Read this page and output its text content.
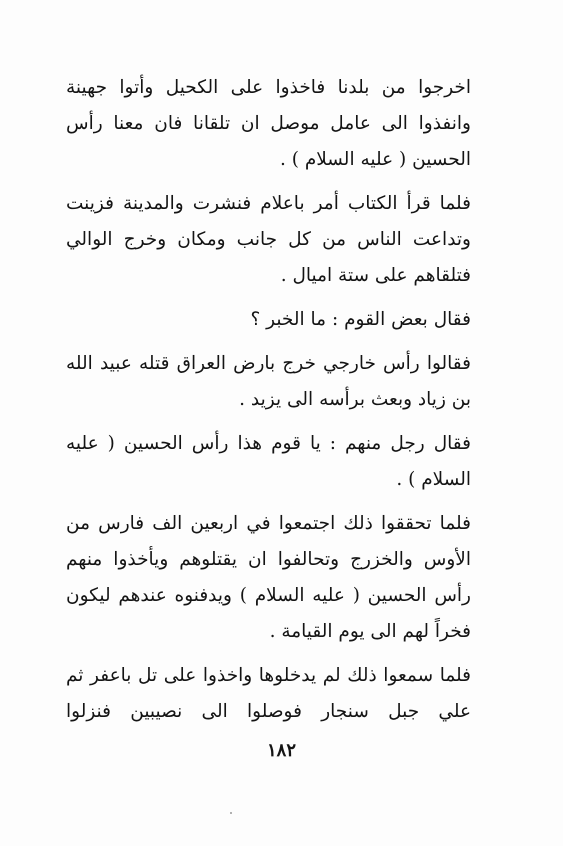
اخرجوا من بلدنا فاخذوا على الكحيل وأتوا جهينة وانفذوا الى عامل موصل ان تلقانا فان معنا رأس الحسين ( عليه السلام ) .

فلما قرأ الكتاب أمر باعلام فنشرت والمدينة فزينت وتداعت الناس من كل جانب ومكان وخرج الوالي فتلقاهم على ستة اميال .

فقال بعض القوم : ما الخبر ؟

فقالوا رأس خارجي خرج بارض العراق قتله عبيد الله بن زياد وبعث برأسه الى يزيد .

فقال رجل منهم : يا قوم هذا رأس الحسين ( عليه السلام ) .

فلما تحققوا ذلك اجتمعوا في اربعين الف فارس من الأوس والخزرج وتحالفوا ان يقتلوهم ويأخذوا منهم رأس الحسين ( عليه السلام ) ويدفنوه عندهم ليكون فخراً لهم الى يوم القيامة .

فلما سمعوا ذلك لم يدخلوها واخذوا على تل باعفر ثم علي جبل سنجار فوصلوا الى نصيبين فنزلوا

١٨٢
